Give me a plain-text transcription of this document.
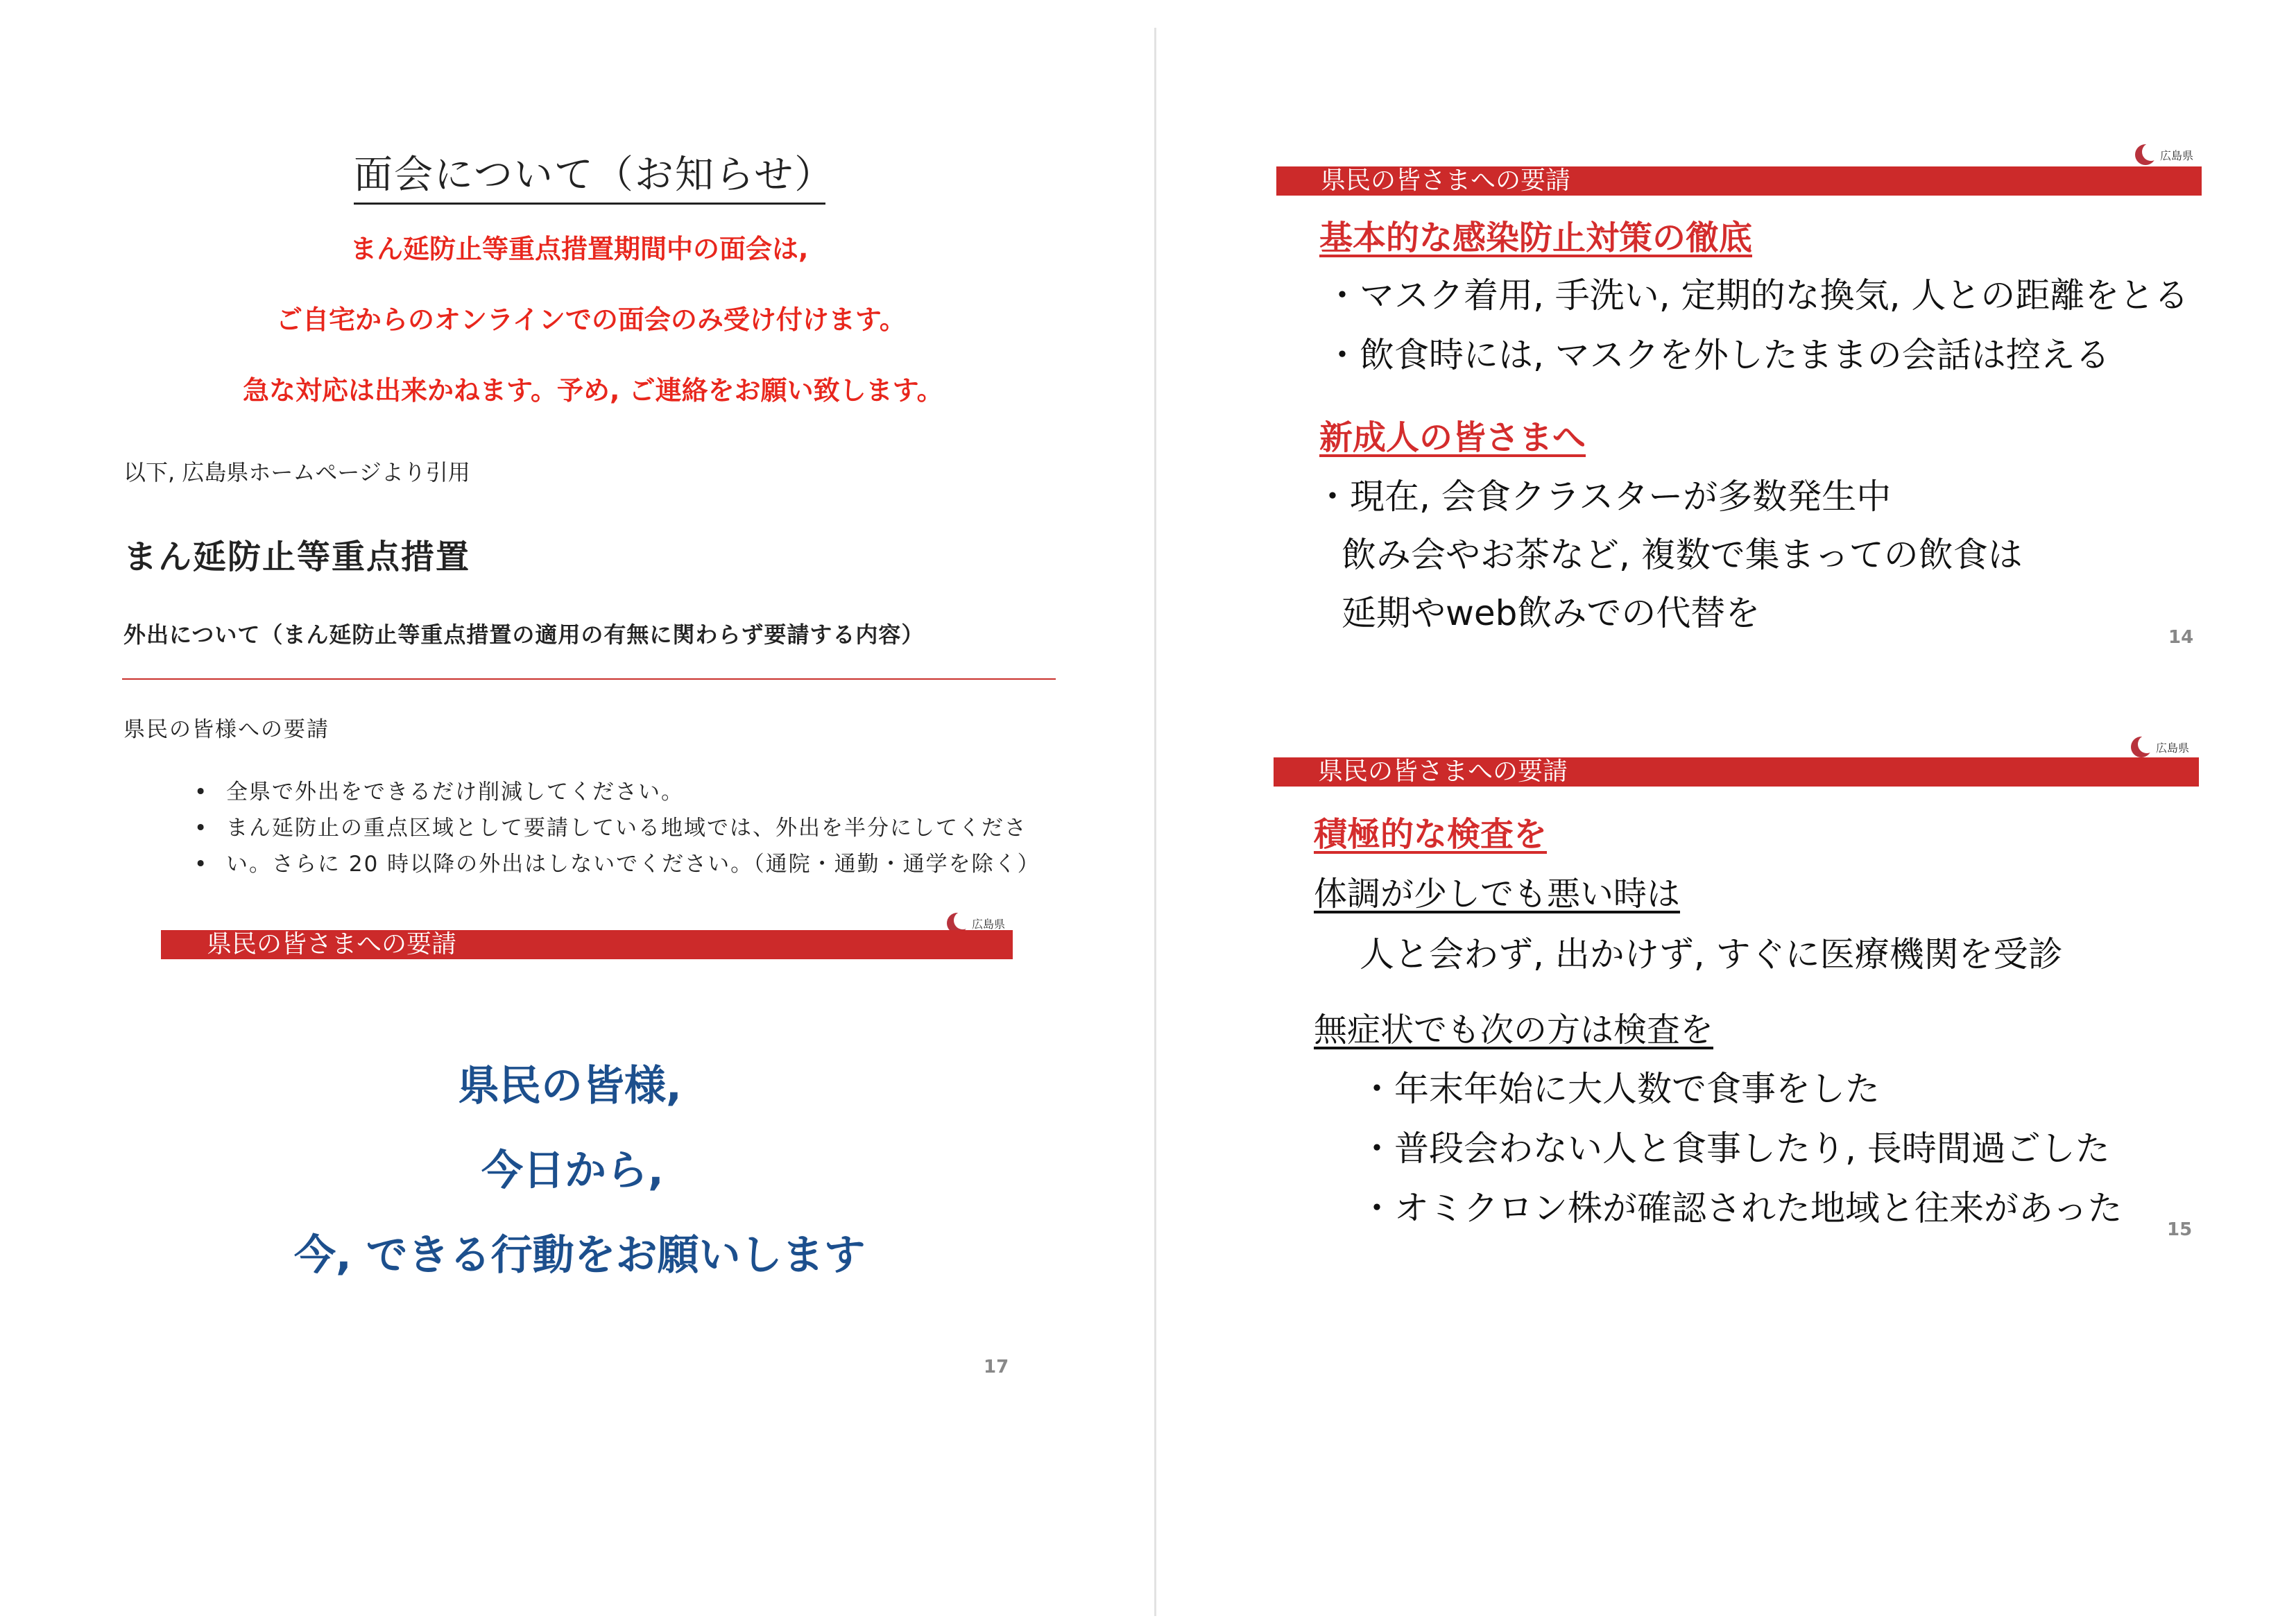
面会について（お知らせ）
まん延防止等重点措置期間中の面会は,
ご自宅からのオンラインでの面会のみ受け付けます。
急な対応は出来かねます。予め, ご連絡をお願い致します。
以下, 広島県ホームページより引用
まん延防止等重点措置
外出について（まん延防止等重点措置の適用の有無に関わらず要請する内容）
県民の皆様への要請
• 全県で外出をできるだけ削減してください。
• まん延防止の重点区域として要請している地域では、外出を半分にしてくださ
• い。さらに 20 時以降の外出はしないでください。（通院・通勤・通学を除く）
広島県
県民の皆さまへの要請
県民の皆様,
今日から,
今, できる行動をお願いします
17
広島県
県民の皆さまへの要請
基本的な感染防止対策の徹底
・マスク着用, 手洗い, 定期的な換気, 人との距離をとる
・飲食時には, マスクを外したままの会話は控える
新成人の皆さまへ
・現在, 会食クラスターが多数発生中
飲み会やお茶など, 複数で集まっての飲食は
延期やweb飲みでの代替を
14
広島県
県民の皆さまへの要請
積極的な検査を
体調が少しでも悪い時は
人と会わず, 出かけず, すぐに医療機関を受診
無症状でも次の方は検査を
・年末年始に大人数で食事をした
・普段会わない人と食事したり, 長時間過ごした
・オミクロン株が確認された地域と往来があった
15
